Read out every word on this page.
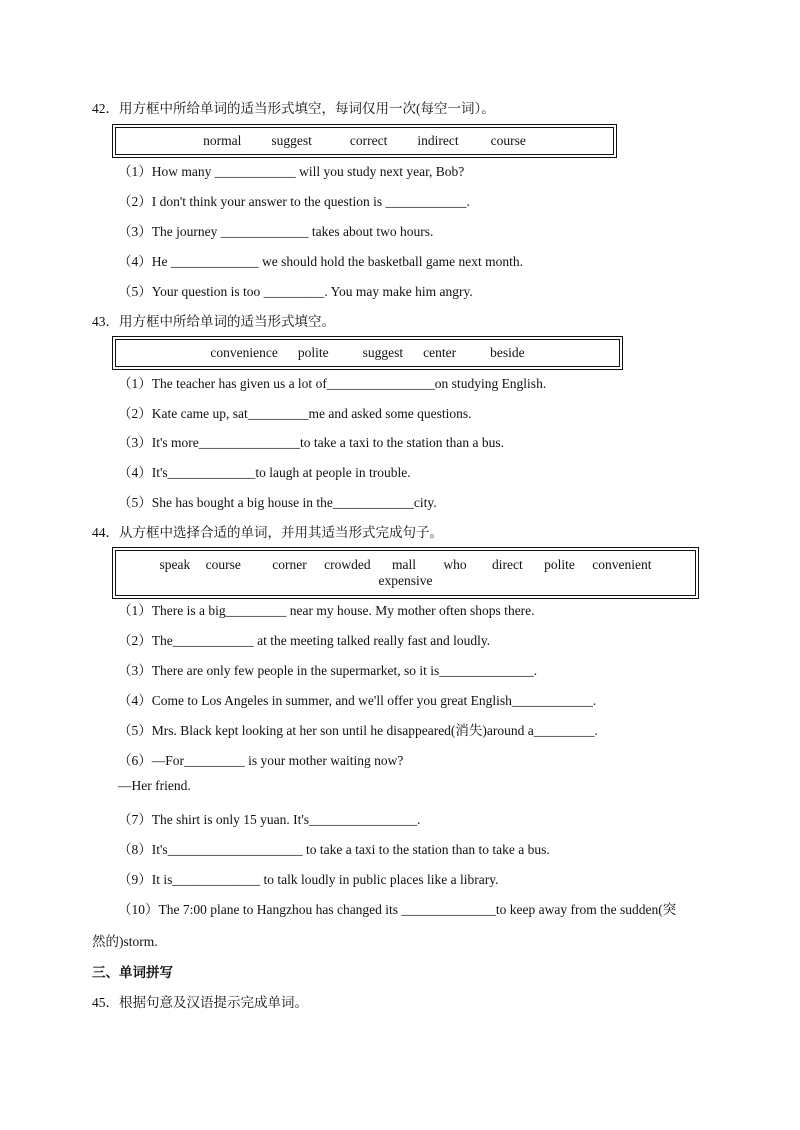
42．用方框中所给单词的适当形式填空，每词仅用一次(每空一词）。
normal suggest	correct indirect course
（1）How many ____________ will you study next year, Bob?
（2）I don't think your answer to the question is ____________.
（3）The journey _____________ takes about two hours.
（4）He _____________ we should hold the basketball game next month.
（5）Your question is too _________. You may make him angry.
43．用方框中所给单词的适当形式填空。
convenience polite	suggest center	beside
（1）The teacher has given us a lot of________________on studying English.
（2）Kate came up, sat_________me and asked some questions.
（3）It's more_______________to take a taxi to the station than a bus.
（4）It's_____________to laugh at people in trouble.
（5）She has bought a big house in the____________city.
44．从方框中选择合适的单词，并用其适当形式完成句子。
speak course corner crowded mall who direct polite convenient
expensive
（1）There is a big_________ near my house. My mother often shops there.
（2）The____________ at the meeting talked really fast and loudly.
（3）There are only few people in the supermarket, so it is______________.
（4）Come to Los Angeles in summer, and we'll offer you great English____________.
（5）Mrs. Black kept looking at her son until he disappeared(消失)around a_________.
（6）—For_________ is your mother waiting now?
—Her friend.
（7）The shirt is only 15 yuan. It's________________.
（8）It's____________________ to take a taxi to the station than to take a bus.
（9）It is_____________ to talk loudly in public places like a library.
（10）The 7:00 plane to Hangzhou has changed its ______________to keep away from the sudden(突
然的)storm.
三、单词拼写
45．根据句意及汉语提示完成单词。
